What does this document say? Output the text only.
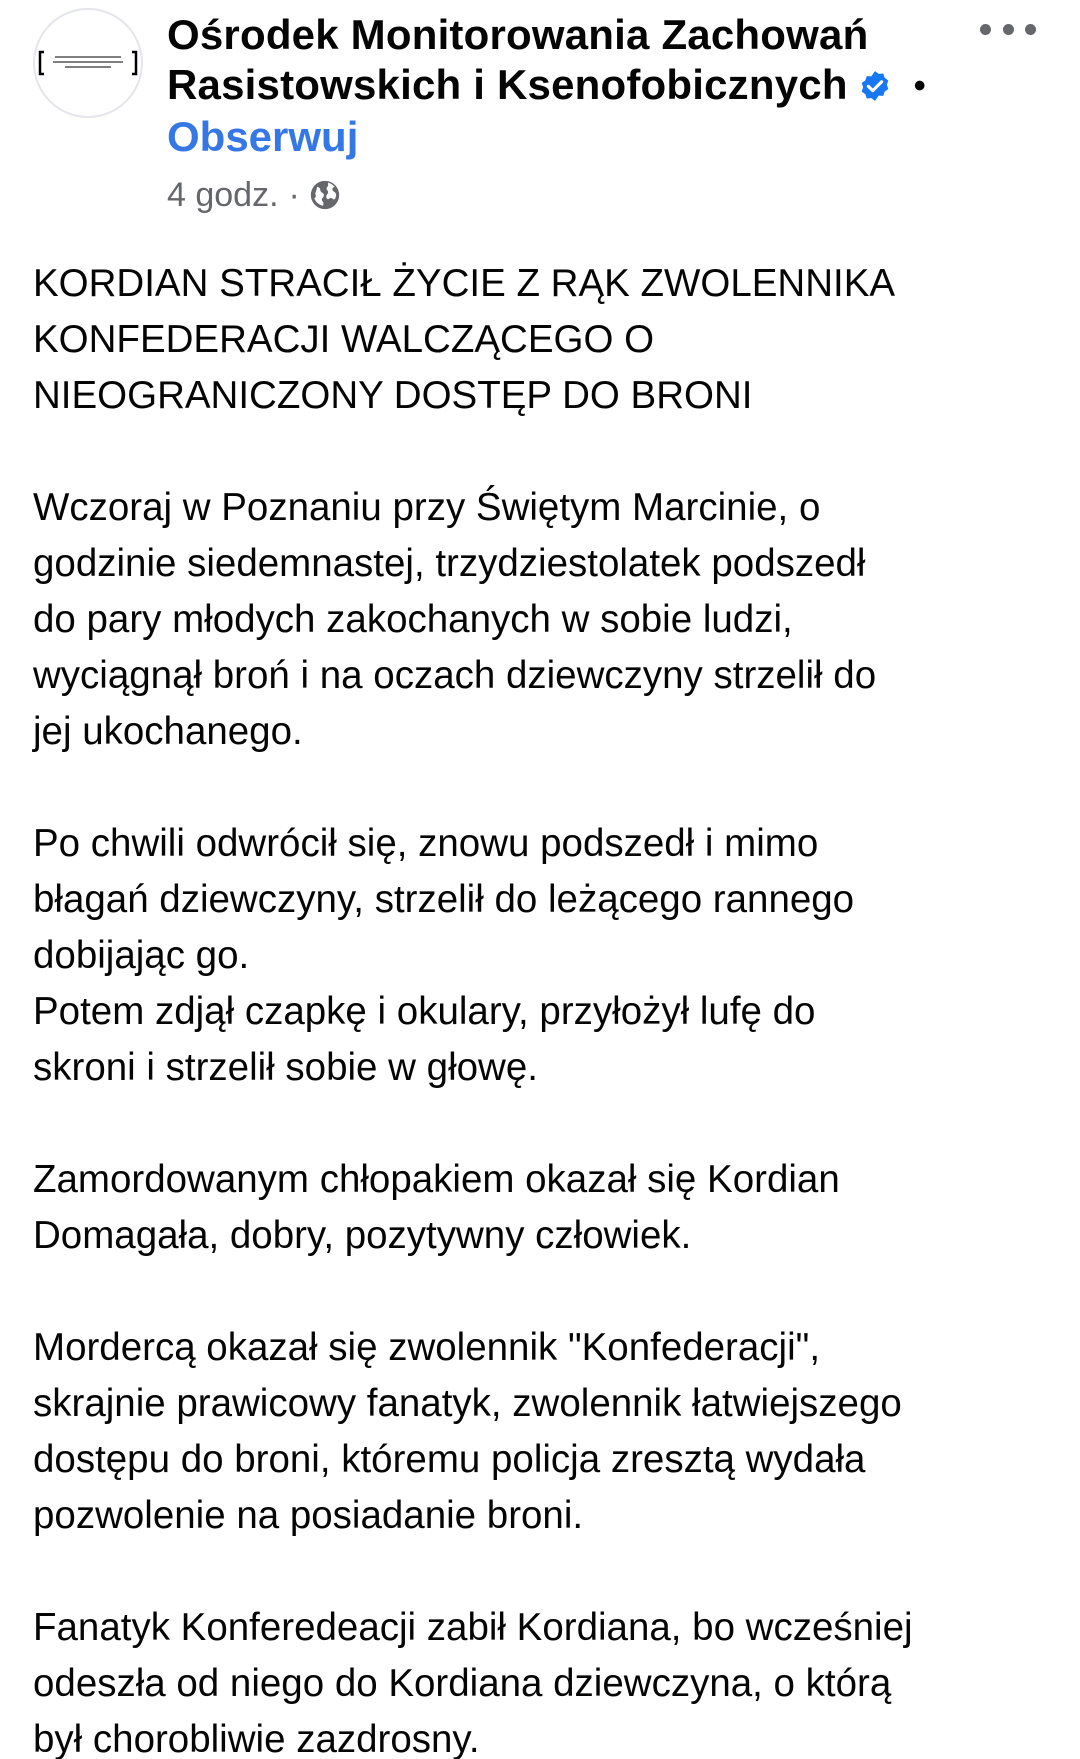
Ośrodek Monitorowania Zachowań
Rasistowskich i Ksenofobicznych •
Obserwuj
4 godz. ·

KORDIAN STRACIŁ ŻYCIE Z RĄK ZWOLENNIKA
KONFEDERACJI WALCZĄCEGO O
NIEOGRANICZONY DOSTĘP DO BRONI

Wczoraj w Poznaniu przy Świętym Marcinie, o
godzinie siedemnastej, trzydziestolatek podszedł
do pary młodych zakochanych w sobie ludzi,
wyciągnął broń i na oczach dziewczyny strzelił do
jej ukochanego.

Po chwili odwrócił się, znowu podszedł i mimo
błagań dziewczyny, strzelił do leżącego rannego
dobijając go.
Potem zdjął czapkę i okulary, przyłożył lufę do
skroni i strzelił sobie w głowę.

Zamordowanym chłopakiem okazał się Kordian
Domagała, dobry, pozytywny człowiek.

Mordercą okazał się zwolennik "Konfederacji",
skrajnie prawicowy fanatyk, zwolennik łatwiejszego
dostępu do broni, któremu policja zresztą wydała
pozwolenie na posiadanie broni.

Fanatyk Konferedeacji zabił Kordiana, bo wcześniej
odeszła od niego do Kordiana dziewczyna, o którą
był chorobliwie zazdrosny.
